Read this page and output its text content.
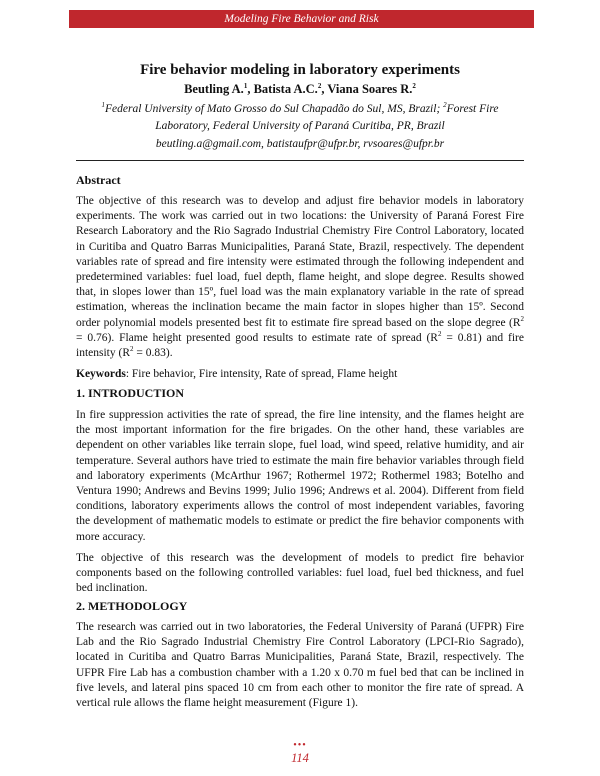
Modeling Fire Behavior and Risk
Fire behavior modeling in laboratory experiments
Beutling A.$^1$, Batista A.C.$^2$, Viana Soares R.$^2$
$^1$Federal University of Mato Grosso do Sul Chapadão do Sul, MS, Brazil; $^2$Forest Fire Laboratory, Federal University of Paraná Curitiba, PR, Brazil
beutling.a@gmail.com, batistaufpr@ufpr.br, rvsoares@ufpr.br
Abstract

The objective of this research was to develop and adjust fire behavior models in laboratory experiments. The work was carried out in two locations: the University of Paraná Forest Fire Research Laboratory and the Rio Sagrado Industrial Chemistry Fire Control Laboratory, located in Curitiba and Quatro Barras Municipalities, Paraná State, Brazil, respectively. The dependent variables rate of spread and fire intensity were estimated through the following independent and predetermined variables: fuel load, fuel depth, flame height, and slope degree. Results showed that, in slopes lower than 15º, fuel load was the main explanatory variable in the rate of spread estimation, whereas the inclination became the main factor in slopes higher than 15º. Second order polynomial models presented best fit to estimate fire spread based on the slope degree $(R^2 = 0.76)$. Flame height presented good results to estimate rate of spread $(R^2 = 0.81)$ and fire intensity $(R^2 = 0.83)$.

Keywords: Fire behavior, Fire intensity, Rate of spread, Flame height
1. INTRODUCTION

In fire suppression activities the rate of spread, the fire line intensity, and the flames height are the most important information for the fire brigades. On the other hand, these variables are dependent on other variables like terrain slope, fuel load, wind speed, relative humidity, and air temperature. Several authors have tried to estimate the main fire behavior variables through field and laboratory experiments (McArthur 1967; Rothermel 1972; Rothermel 1983; Botelho and Ventura 1990; Andrews and Bevins 1999; Julio 1996; Andrews et al. 2004). Different from field conditions, laboratory experiments allows the control of most independent variables, favoring the development of mathematic models to estimate or predict the fire behavior components with more accuracy.

The objective of this research was the development of models to predict fire behavior components based on the following controlled variables: fuel load, fuel bed thickness, and fuel bed inclination.

2. METHODOLOGY

The research was carried out in two laboratories, the Federal University of Paraná (UFPR) Fire Lab and the Rio Sagrado Industrial Chemistry Fire Control Laboratory (LPCI-Rio Sagrado), located in Curitiba and Quatro Barras Municipalities, Paraná State, Brazil, respectively. The UFPR Fire Lab has a combustion chamber with a 1.20 x 0.70 m fuel bed that can be inclined in five levels, and lateral pins spaced 10 cm from each other to monitor the fire rate of spread. A vertical rule allows the flame height measurement (Figure 1).

•••
114
